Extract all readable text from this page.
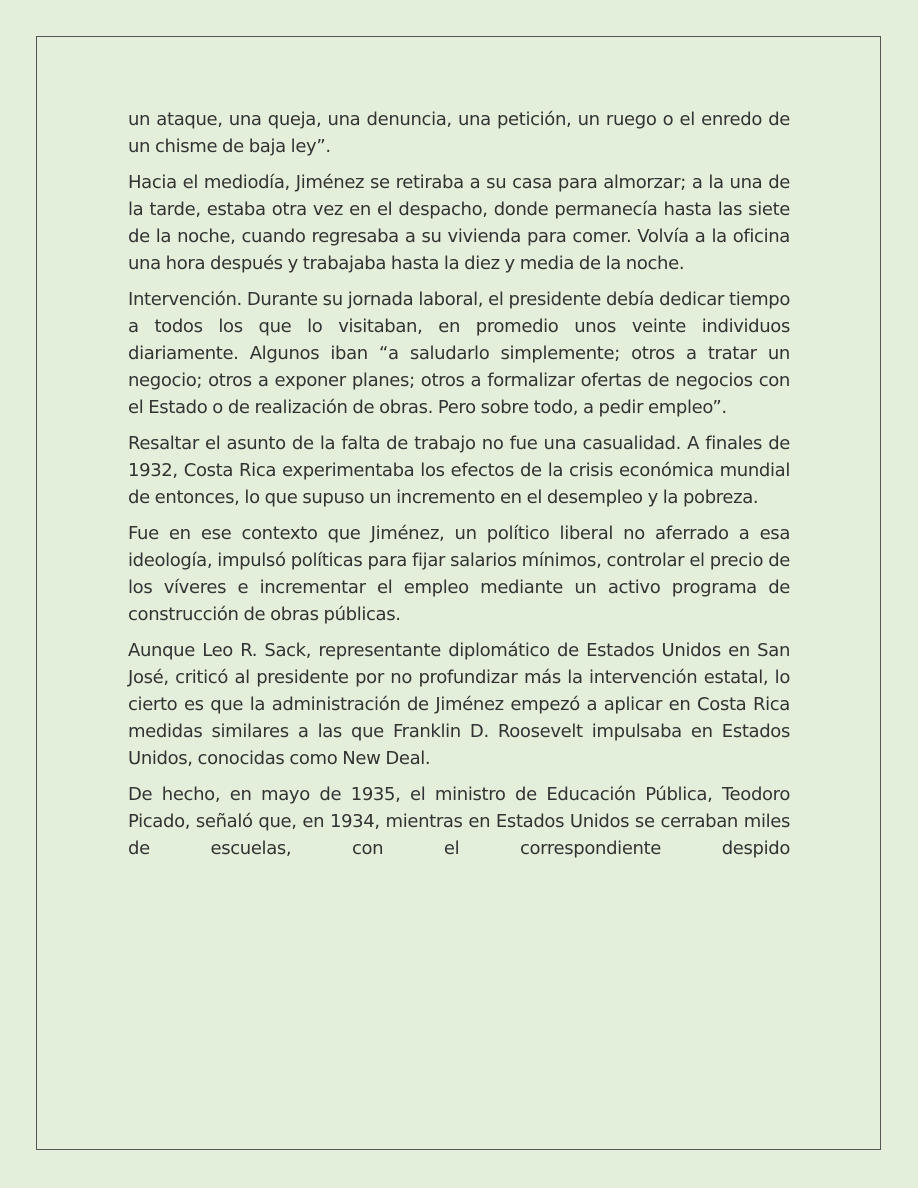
un ataque, una queja, una denuncia, una petición, un ruego o el enredo de un chisme de baja ley”.

Hacia el mediodía, Jiménez se retiraba a su casa para almorzar; a la una de la tarde, estaba otra vez en el despacho, donde permanecía hasta las siete de la noche, cuando regresaba a su vivienda para comer. Volvía a la oficina una hora después y trabajaba hasta la diez y media de la noche.

Intervención. Durante su jornada laboral, el presidente debía dedicar tiempo a todos los que lo visitaban, en promedio unos veinte individuos diariamente. Algunos iban “a saludarlo simplemente; otros a tratar un negocio; otros a exponer planes; otros a formalizar ofertas de negocios con el Estado o de realización de obras. Pero sobre todo, a pedir empleo”.

Resaltar el asunto de la falta de trabajo no fue una casualidad. A finales de 1932, Costa Rica experimentaba los efectos de la crisis económica mundial de entonces, lo que supuso un incremento en el desempleo y la pobreza.

Fue en ese contexto que Jiménez, un político liberal no aferrado a esa ideología, impulsó políticas para fijar salarios mínimos, controlar el precio de los víveres e incrementar el empleo mediante un activo programa de construcción de obras públicas.

Aunque Leo R. Sack, representante diplomático de Estados Unidos en San José, criticó al presidente por no profundizar más la intervención estatal, lo cierto es que la administración de Jiménez empezó a aplicar en Costa Rica medidas similares a las que Franklin D. Roosevelt impulsaba en Estados Unidos, conocidas como New Deal.

De hecho, en mayo de 1935, el ministro de Educación Pública, Teodoro Picado, señaló que, en 1934, mientras en Estados Unidos se cerraban miles de escuelas, con el correspondiente despido
